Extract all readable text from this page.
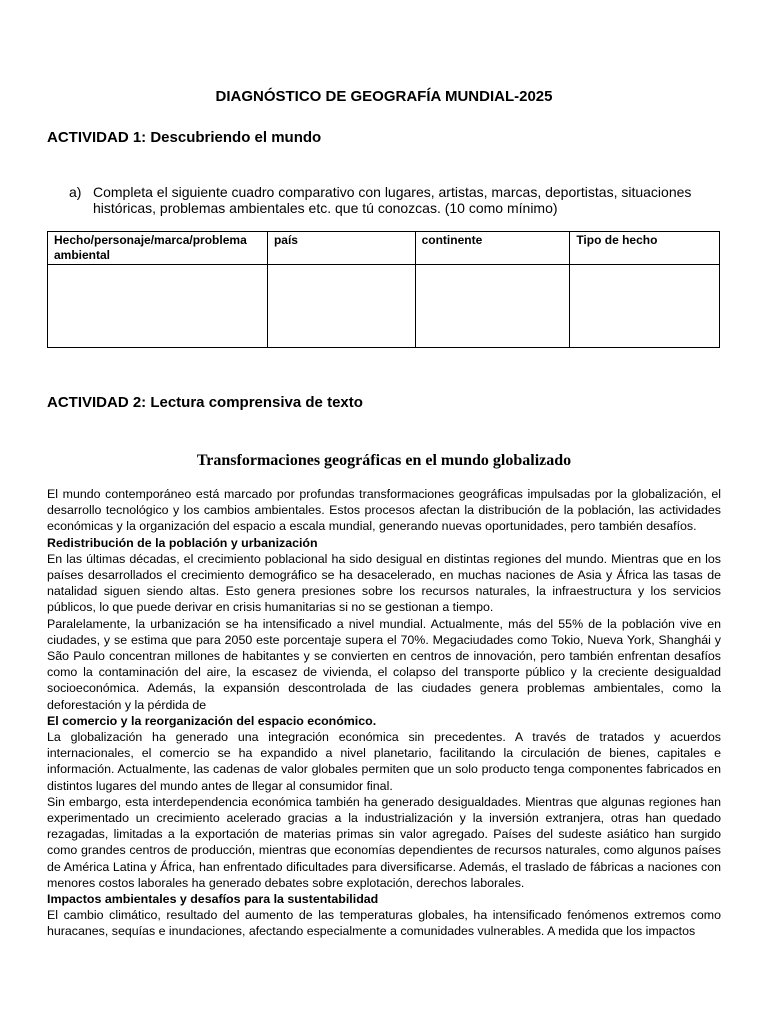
DIAGNÓSTICO DE GEOGRAFÍA MUNDIAL-2025
ACTIVIDAD 1: Descubriendo el mundo
a) Completa el siguiente cuadro comparativo con lugares, artistas, marcas, deportistas, situaciones históricas, problemas ambientales etc. que tú conozcas. (10 como mínimo)
Hecho/personaje/marca/problema ambiental	país	continente	Tipo de hecho

ACTIVIDAD 2: Lectura comprensiva de texto
Transformaciones geográficas en el mundo globalizado

El mundo contemporáneo está marcado por profundas transformaciones geográficas impulsadas por la globalización, el desarrollo tecnológico y los cambios ambientales. Estos procesos afectan la distribución de la población, las actividades económicas y la organización del espacio a escala mundial, generando nuevas oportunidades, pero también desafíos.

Redistribución de la población y urbanización

En las últimas décadas, el crecimiento poblacional ha sido desigual en distintas regiones del mundo. Mientras que en los países desarrollados el crecimiento demográfico se ha desacelerado, en muchas naciones de Asia y África las tasas de natalidad siguen siendo altas. Esto genera presiones sobre los recursos naturales, la infraestructura y los servicios públicos, lo que puede derivar en crisis humanitarias si no se gestionan a tiempo.

Paralelamente, la urbanización se ha intensificado a nivel mundial. Actualmente, más del 55% de la población vive en ciudades, y se estima que para 2050 este porcentaje supera el 70%. Megaciudades como Tokio, Nueva York, Shanghái y São Paulo concentran millones de habitantes y se convierten en centros de innovación, pero también enfrentan desafíos como la contaminación del aire, la escasez de vivienda, el colapso del transporte público y la creciente desigualdad socioeconómica. Además, la expansión descontrolada de las ciudades genera problemas ambientales, como la deforestación y la pérdida de

El comercio y la reorganización del espacio económico.

La globalización ha generado una integración económica sin precedentes. A través de tratados y acuerdos internacionales, el comercio se ha expandido a nivel planetario, facilitando la circulación de bienes, capitales e información. Actualmente, las cadenas de valor globales permiten que un solo producto tenga componentes fabricados en distintos lugares del mundo antes de llegar al consumidor final.

Sin embargo, esta interdependencia económica también ha generado desigualdades. Mientras que algunas regiones han experimentado un crecimiento acelerado gracias a la industrialización y la inversión extranjera, otras han quedado rezagadas, limitadas a la exportación de materias primas sin valor agregado. Países del sudeste asiático han surgido como grandes centros de producción, mientras que economías dependientes de recursos naturales, como algunos países de América Latina y África, han enfrentado dificultades para diversificarse. Además, el traslado de fábricas a naciones con menores costos laborales ha generado debates sobre explotación, derechos laborales.

Impactos ambientales y desafíos para la sustentabilidad

El cambio climático, resultado del aumento de las temperaturas globales, ha intensificado fenómenos extremos como huracanes, sequías e inundaciones, afectando especialmente a comunidades vulnerables. A medida que los impactos
